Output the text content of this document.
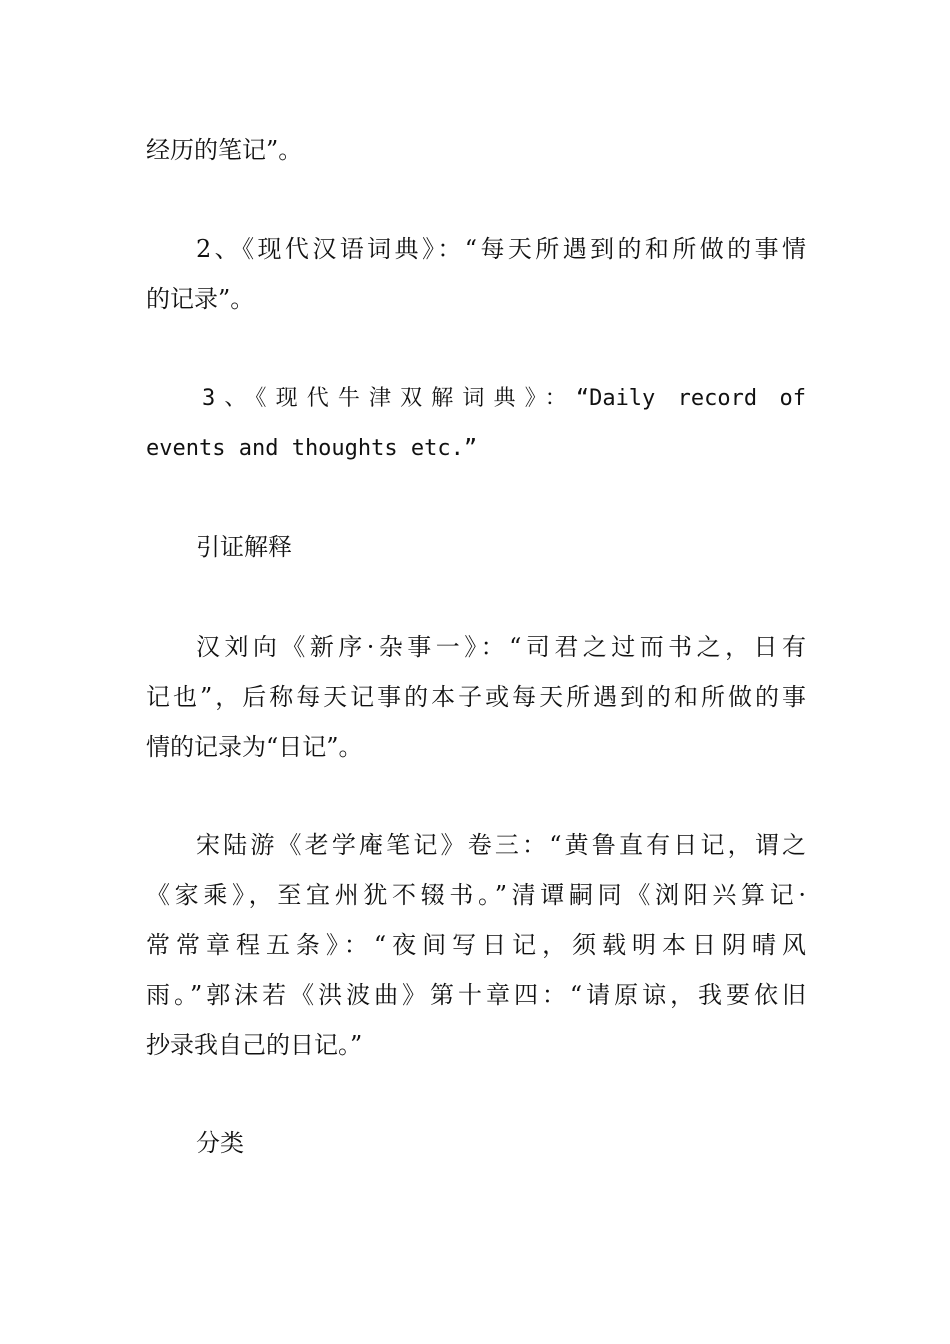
经历的笔记”。
2、《现代汉语词典》：“每天所遇到的和所做的事情
的记录”。
3、《现代牛津双解词典》：“Daily record of
events and thoughts etc.”
引证解释
汉刘向《新序·杂事一》：“司君之过而书之，日有
记也”，后称每天记事的本子或每天所遇到的和所做的事
情的记录为“日记”。
宋陆游《老学庵笔记》卷三：“黄鲁直有日记，谓之
《家乘》，至宜州犹不辍书。”清谭嗣同《浏阳兴算记·
常常章程五条》：“夜间写日记，须载明本日阴晴风
雨。”郭沫若《洪波曲》第十章四：“请原谅，我要依旧
抄录我自己的日记。”
分类
